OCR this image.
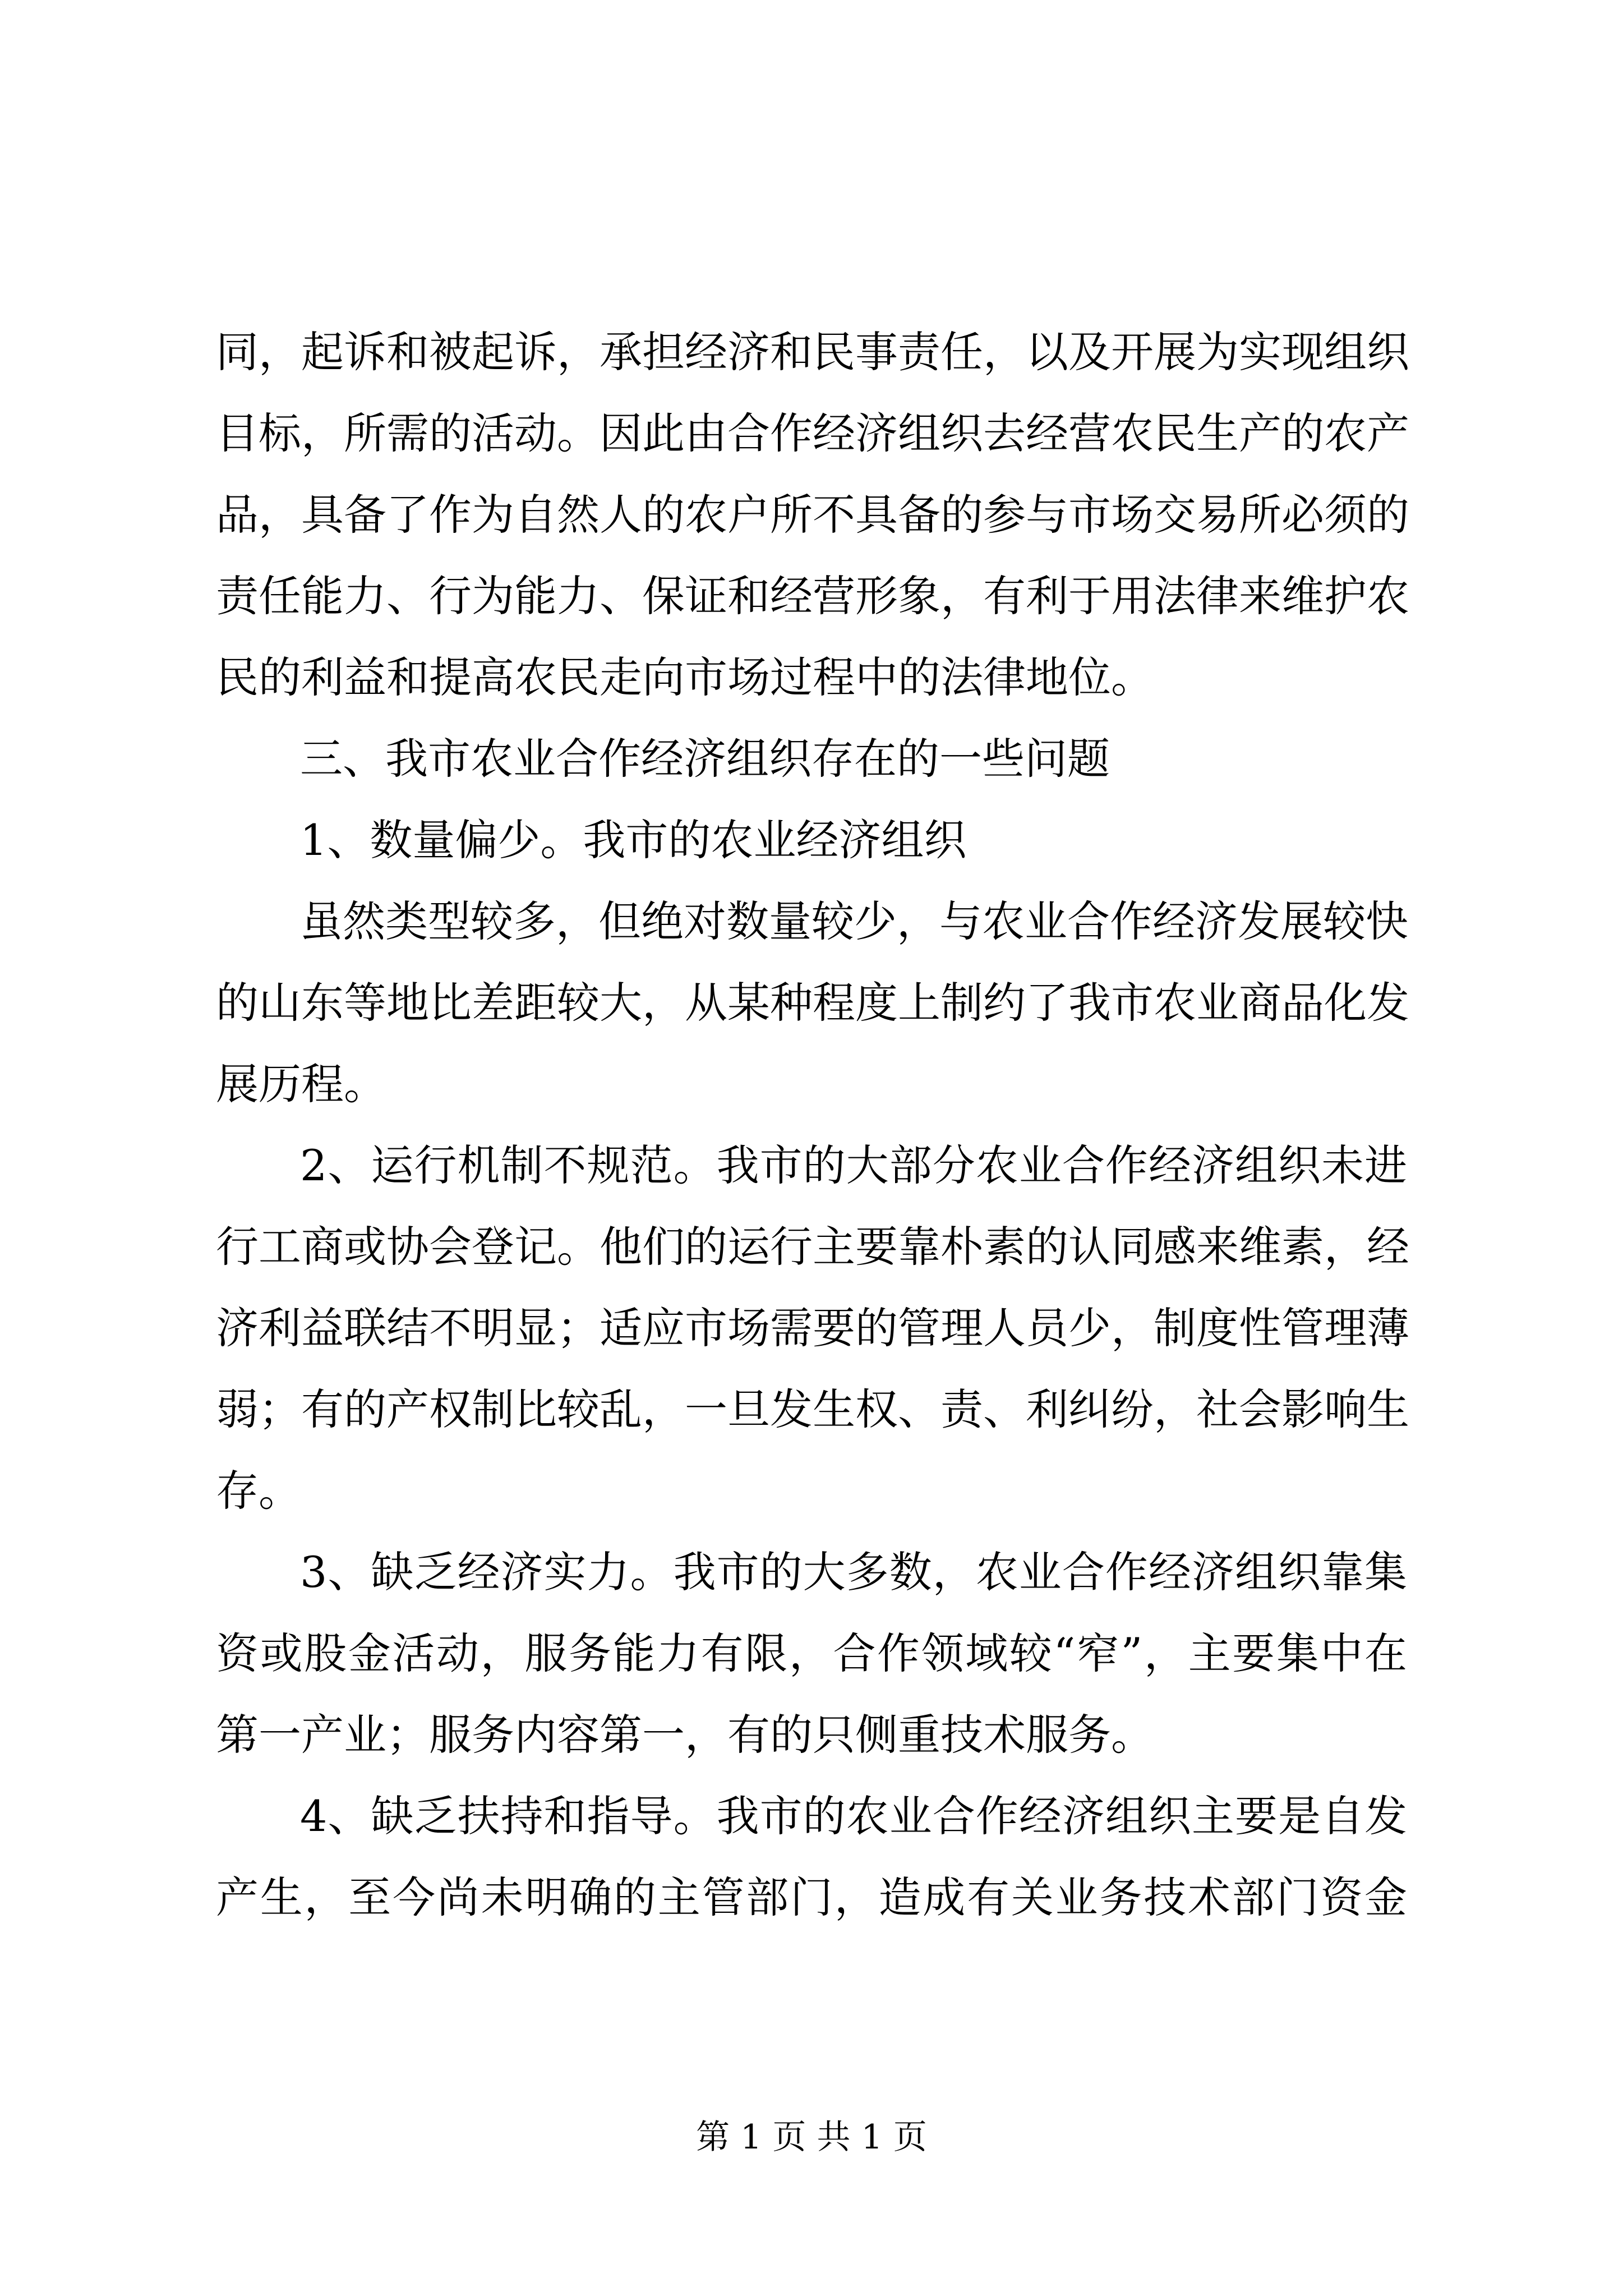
同，起诉和被起诉，承担经济和民事责任，以及开展为实现组织
目标，所需的活动。因此由合作经济组织去经营农民生产的农产
品，具备了作为自然人的农户所不具备的参与市场交易所必须的
责任能力、行为能力、保证和经营形象，有利于用法律来维护农
民的利益和提高农民走向市场过程中的法律地位。
三、我市农业合作经济组织存在的一些问题
1、数量偏少。我市的农业经济组织
虽然类型较多，但绝对数量较少，与农业合作经济发展较快
的山东等地比差距较大，从某种程度上制约了我市农业商品化发
展历程。
2、运行机制不规范。我市的大部分农业合作经济组织未进
行工商或协会登记。他们的运行主要靠朴素的认同感来维素，经
济利益联结不明显；适应市场需要的管理人员少，制度性管理薄
弱；有的产权制比较乱，一旦发生权、责、利纠纷，社会影响生
存。
3、缺乏经济实力。我市的大多数，农业合作经济组织靠集
资或股金活动，服务能力有限，合作领域较“窄”，主要集中在
第一产业；服务内容第一，有的只侧重技术服务。
4、缺乏扶持和指导。我市的农业合作经济组织主要是自发
产生，至今尚未明确的主管部门，造成有关业务技术部门资金
第 1 页 共 1 页
